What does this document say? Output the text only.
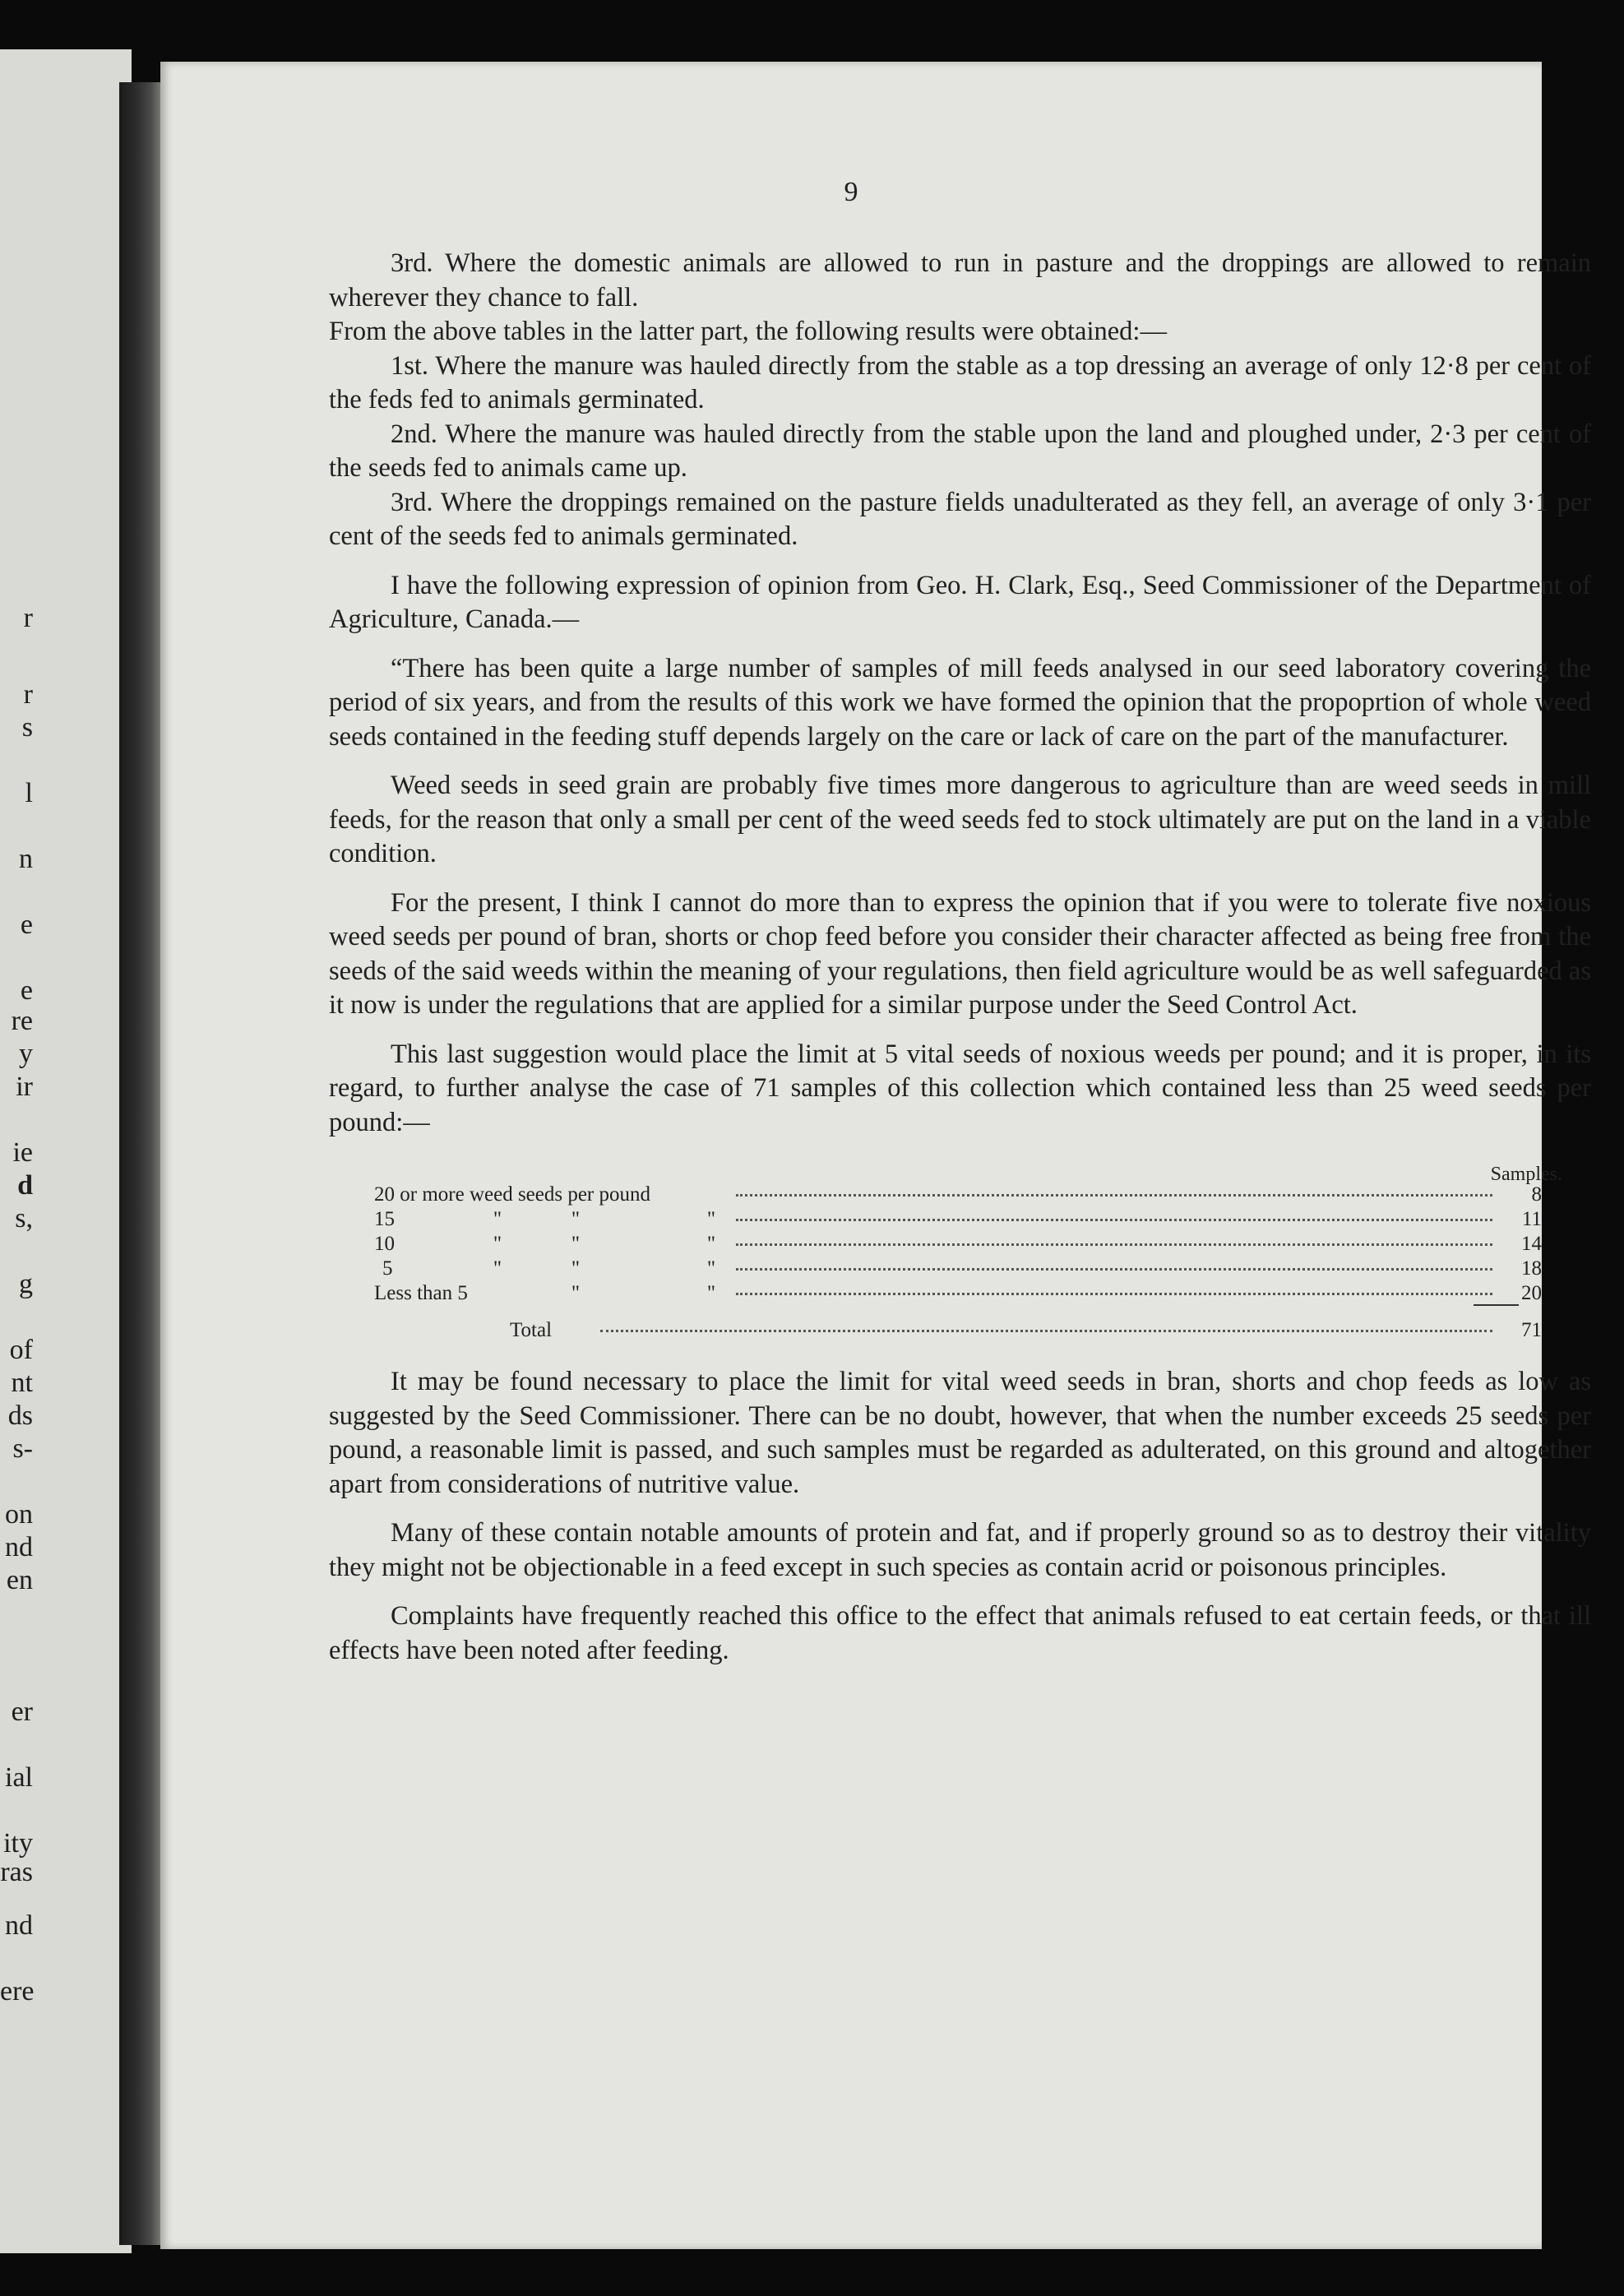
r
r
s
l
n
e
e
re
y
ir
ie
d
s,
g
of
nt
ds
s-
on
nd
en
er
ial
ity
ras
nd
ere
9

3rd. Where the domestic animals are allowed to run in pasture and the droppings are allowed to remain wherever they chance to fall.

From the above tables in the latter part, the following results were obtained:—

1st. Where the manure was hauled directly from the stable as a top dressing an average of only 12·8 per cent of the feds fed to animals germinated.

2nd. Where the manure was hauled directly from the stable upon the land and ploughed under, 2·3 per cent of the seeds fed to animals came up.

3rd. Where the droppings remained on the pasture fields unadulterated as they fell, an average of only 3·1 per cent of the seeds fed to animals germinated.

I have the following expression of opinion from Geo. H. Clark, Esq., Seed Commissioner of the Department of Agriculture, Canada.—

“There has been quite a large number of samples of mill feeds analysed in our seed laboratory covering the period of six years, and from the results of this work we have formed the opinion that the propoprtion of whole weed seeds contained in the feeding stuff depends largely on the care or lack of care on the part of the manufacturer.

Weed seeds in seed grain are probably five times more dangerous to agriculture than are weed seeds in mill feeds, for the reason that only a small per cent of the weed seeds fed to stock ultimately are put on the land in a viable condition.

For the present, I think I cannot do more than to express the opinion that if you were to tolerate five noxious weed seeds per pound of bran, shorts or chop feed before you consider their character affected as being free from the seeds of the said weeds within the meaning of your regulations, then field agriculture would be as well safeguarded as it now is under the regulations that are applied for a similar purpose under the Seed Control Act.

This last suggestion would place the limit at 5 vital seeds of noxious weeds per pound; and it is proper, in its regard, to further analyse the case of 71 samples of this collection which contained less than 25 weed seeds per pound:—

Samples.
20 or more weed seeds per pound	8
15	"	"	"	11
10	"	"	"	14
5	"	"	"	18
Less than 5	"	"	20
Total	71

It may be found necessary to place the limit for vital weed seeds in bran, shorts and chop feeds as low as suggested by the Seed Commissioner. There can be no doubt, however, that when the number exceeds 25 seeds per pound, a reasonable limit is passed, and such samples must be regarded as adulterated, on this ground and altogether apart from considerations of nutritive value.

Many of these contain notable amounts of protein and fat, and if properly ground so as to destroy their vitality they might not be objectionable in a feed except in such species as contain acrid or poisonous principles.

Complaints have frequently reached this office to the effect that animals refused to eat certain feeds, or that ill effects have been noted after feeding.
